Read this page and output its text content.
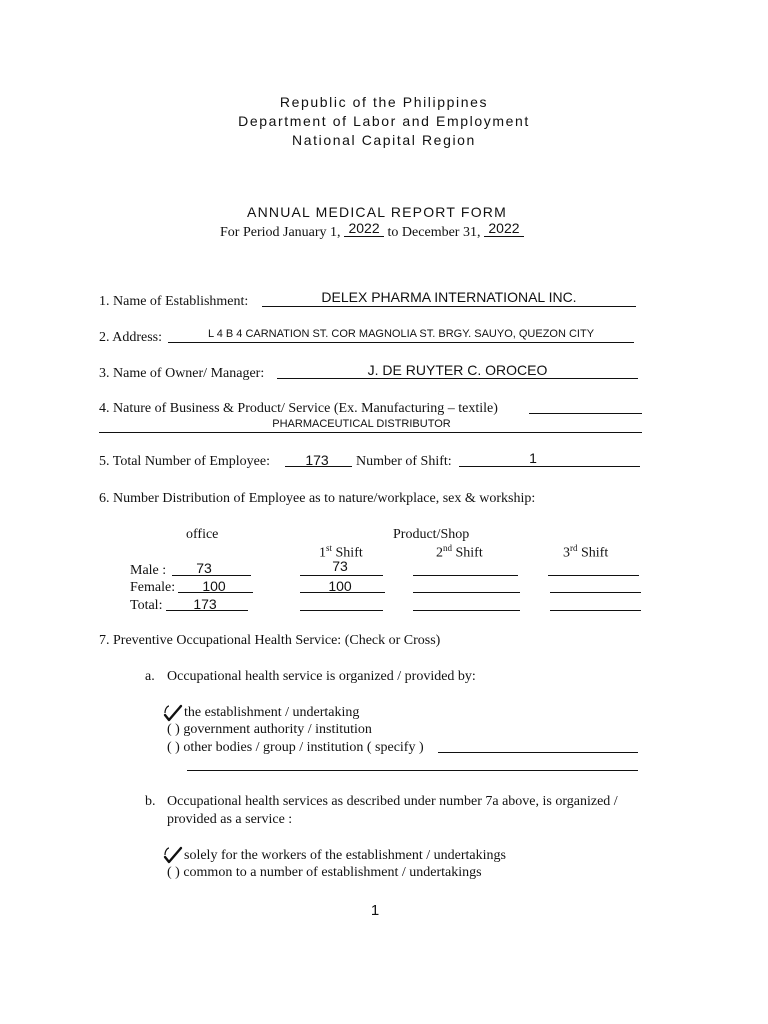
Republic of the Philippines
Department of Labor and Employment
National Capital Region
ANNUAL MEDICAL REPORT FORM
For Period January 1, 2022 to December 31, 2022
1. Name of Establishment:	DELEX PHARMA INTERNATIONAL INC.
2. Address:	L 4 B 4 CARNATION ST. COR MAGNOLIA ST. BRGY. SAUYO, QUEZON CITY
3. Name of Owner/ Manager:	J. DE RUYTER C. OROCEO
4. Nature of Business & Product/ Service (Ex. Manufacturing – textile)
PHARMACEUTICAL DISTRIBUTOR
5. Total Number of Employee:	173	Number of Shift:	1
6. Number Distribution of Employee as to nature/workplace, sex & workship:
office	Product/Shop
1st Shift	2nd Shift	3rd Shift
Male :	73	73
Female:	100	100
Total:	173
7. Preventive Occupational Health Service: (Check or Cross)
a. Occupational health service is organized / provided by:
the establishment / undertaking
( ) government authority / institution
( ) other bodies / group / institution ( specify )
b. Occupational health services as described under number 7a above, is organized /
provided as a service :
solely for the workers of the establishment / undertakings
( ) common to a number of establishment / undertakings
1
